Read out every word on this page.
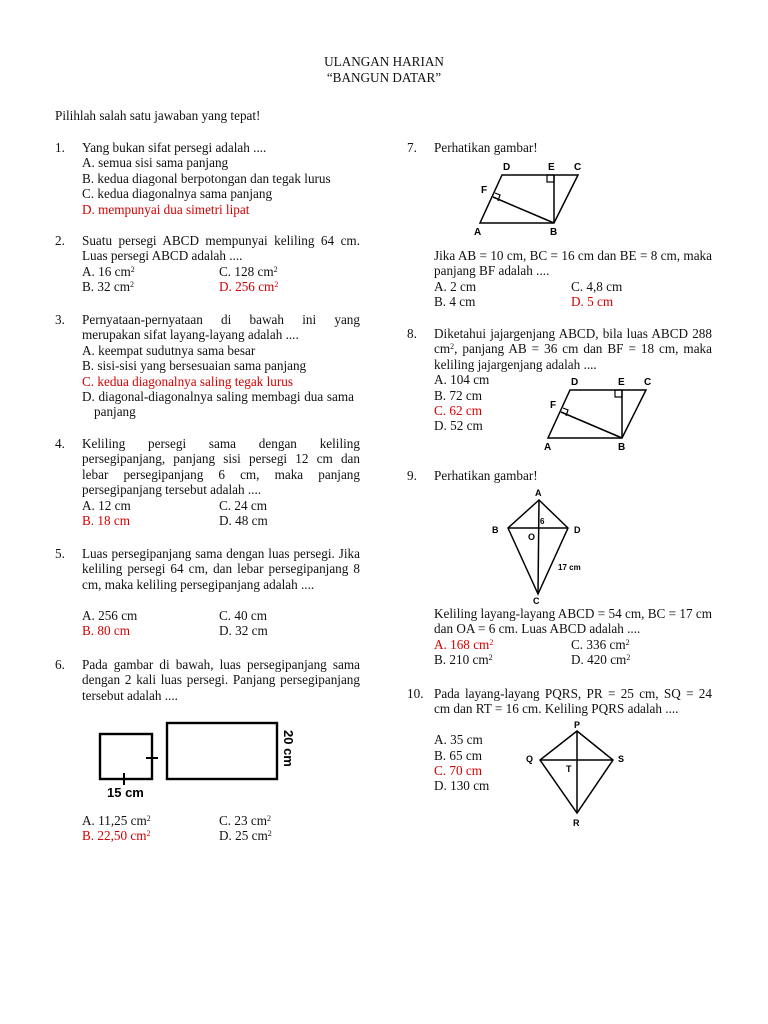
ULANGAN HARIAN
“BANGUN DATAR”
Pilihlah salah satu jawaban yang tepat!
1. Yang bukan sifat persegi adalah ....
A. semua sisi sama panjang
B. kedua diagonal berpotongan dan tegak lurus
C. kedua diagonalnya sama panjang
D. mempunyai dua simetri lipat
2. Suatu persegi ABCD mempunyai keliling 64 cm. Luas persegi ABCD adalah ....
A. 16 $cm^2$	C. 128 $cm^2$
B. 32 $cm^2$	D. 256 $cm^2$
3. Pernyataan-pernyataan di bawah ini yang merupakan sifat layang-layang adalah ....
A. keempat sudutnya sama besar
B. sisi-sisi yang bersesuaian sama panjang
C. kedua diagonalnya saling tegak lurus
D. diagonal-diagonalnya saling membagi dua sama panjang
4. Keliling persegi sama dengan keliling persegipanjang, panjang sisi persegi 12 cm dan lebar persegipanjang 6 cm, maka panjang persegipanjang tersebut adalah ....
A. 12 cm	C. 24 cm
B. 18 cm	D. 48 cm
5. Luas persegipanjang sama dengan luas persegi. Jika keliling persegi 64 cm, dan lebar persegipanjang 8 cm, maka keliling persegipanjang adalah ....
A. 256 cm	C. 40 cm
B. 80 cm	D. 32 cm
6. Pada gambar di bawah, luas persegipanjang sama dengan 2 kali luas persegi. Panjang persegipanjang tersebut adalah ....
15 cm
20 cm
A. 11,25 $cm^2$	C. 23 $cm^2$
B. 22,50 $cm^2$	D. 25 $cm^2$
7. Perhatikan gambar!
D	E C
F
A	B
Jika AB = 10 cm, BC = 16 cm dan BE = 8 cm, maka panjang BF adalah ....
A. 2 cm	C. 4,8 cm
B. 4 cm	D. 5 cm
8. Diketahui jajargenjang ABCD, bila luas ABCD 288 $cm^2$, panjang AB = 36 cm dan BF = 18 cm, maka keliling jajargenjang adalah ....
A. 104 cm
B. 72 cm
C. 62 cm
D. 52 cm
D	E C
F
A	B
9. Perhatikan gambar!
A
B	D
O
6
17 cm
C
Keliling layang-layang ABCD = 54 cm, BC = 17 cm dan OA = 6 cm. Luas ABCD adalah ....
A. 168 $cm^2$	C. 336 $cm^2$
B. 210 $cm^2$	D. 420 $cm^2$
10. Pada layang-layang PQRS, PR = 25 cm, SQ = 24 cm dan RT = 16 cm. Keliling PQRS adalah ....
A. 35 cm
B. 65 cm
C. 70 cm
D. 130 cm
P
Q	S
T
R
